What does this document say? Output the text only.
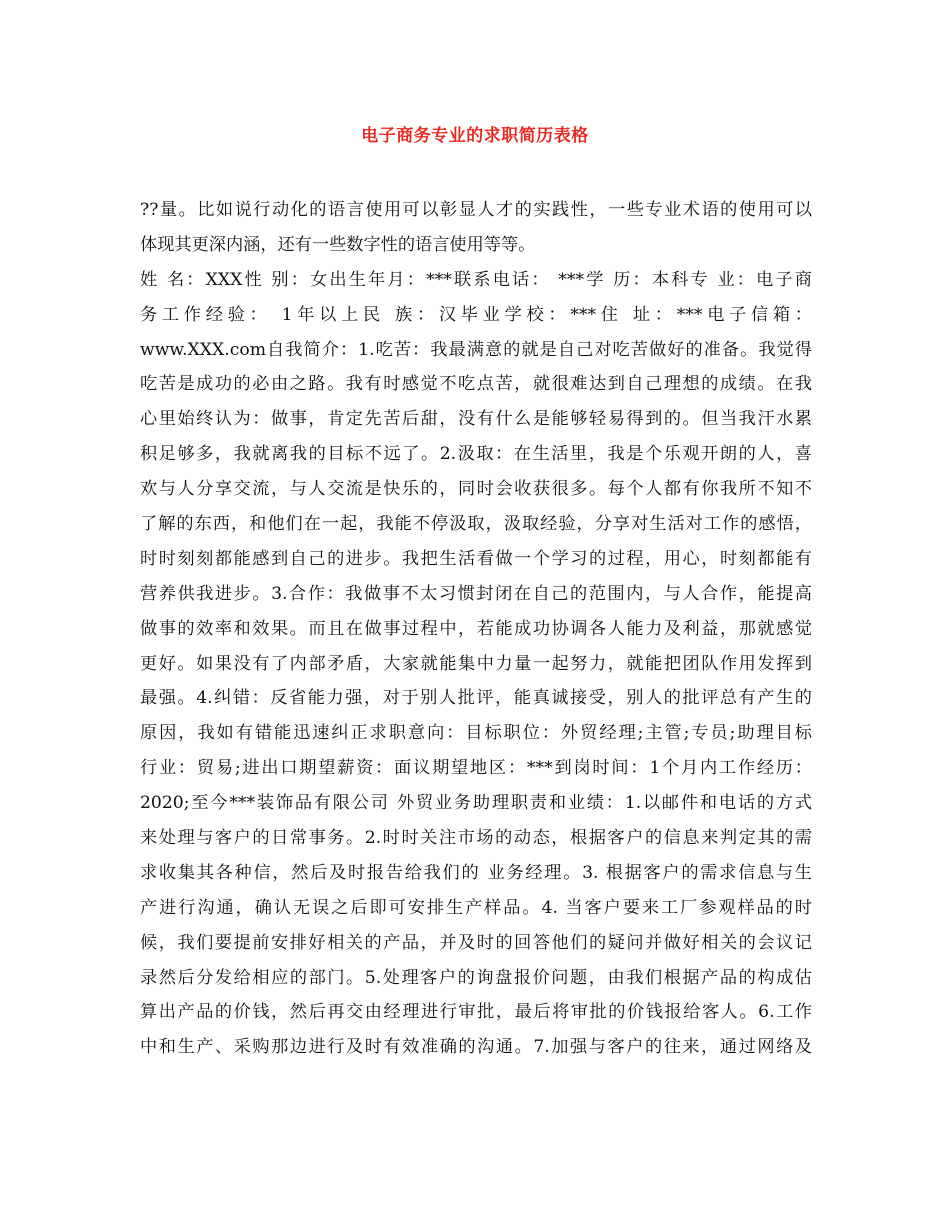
电子商务专业的求职简历表格
??量。比如说行动化的语言使用可以彰显人才的实践性，一些专业术语的使用可以
体现其更深内涵，还有一些数字性的语言使用等等。
姓 名：XXX性 别：女出生年月：***联系电话： ***学 历：本科专 业：电子商
务工作经验： 1年以上民 族：汉毕业学校：***住 址：***电子信箱：
www.XXX.com自我简介：1.吃苦：我最满意的就是自己对吃苦做好的准备。我觉得
吃苦是成功的必由之路。我有时感觉不吃点苦，就很难达到自己理想的成绩。在我
心里始终认为：做事，肯定先苦后甜，没有什么是能够轻易得到的。但当我汗水累
积足够多，我就离我的目标不远了。2.汲取：在生活里，我是个乐观开朗的人，喜
欢与人分享交流，与人交流是快乐的，同时会收获很多。每个人都有你我所不知不
了解的东西，和他们在一起，我能不停汲取，汲取经验，分享对生活对工作的感悟，
时时刻刻都能感到自己的进步。我把生活看做一个学习的过程，用心，时刻都能有
营养供我进步。3.合作：我做事不太习惯封闭在自己的范围内，与人合作，能提高
做事的效率和效果。而且在做事过程中，若能成功协调各人能力及利益，那就感觉
更好。如果没有了内部矛盾，大家就能集中力量一起努力，就能把团队作用发挥到
最强。4.纠错：反省能力强，对于别人批评，能真诚接受，别人的批评总有产生的
原因，我如有错能迅速纠正求职意向：目标职位：外贸经理;主管;专员;助理目标
行业：贸易;进出口期望薪资：面议期望地区：***到岗时间：1个月内工作经历：
2020;至今***装饰品有限公司 外贸业务助理职责和业绩：1.以邮件和电话的方式
来处理与客户的日常事务。2.时时关注市场的动态，根据客户的信息来判定其的需
求收集其各种信，然后及时报告给我们的 业务经理。3. 根据客户的需求信息与生
产进行沟通，确认无误之后即可安排生产样品。4. 当客户要来工厂参观样品的时
候，我们要提前安排好相关的产品，并及时的回答他们的疑问并做好相关的会议记
录然后分发给相应的部门。5.处理客户的询盘报价问题，由我们根据产品的构成估
算出产品的价钱，然后再交由经理进行审批，最后将审批的价钱报给客人。6.工作
中和生产、采购那边进行及时有效准确的沟通。7.加强与客户的往来，通过网络及
